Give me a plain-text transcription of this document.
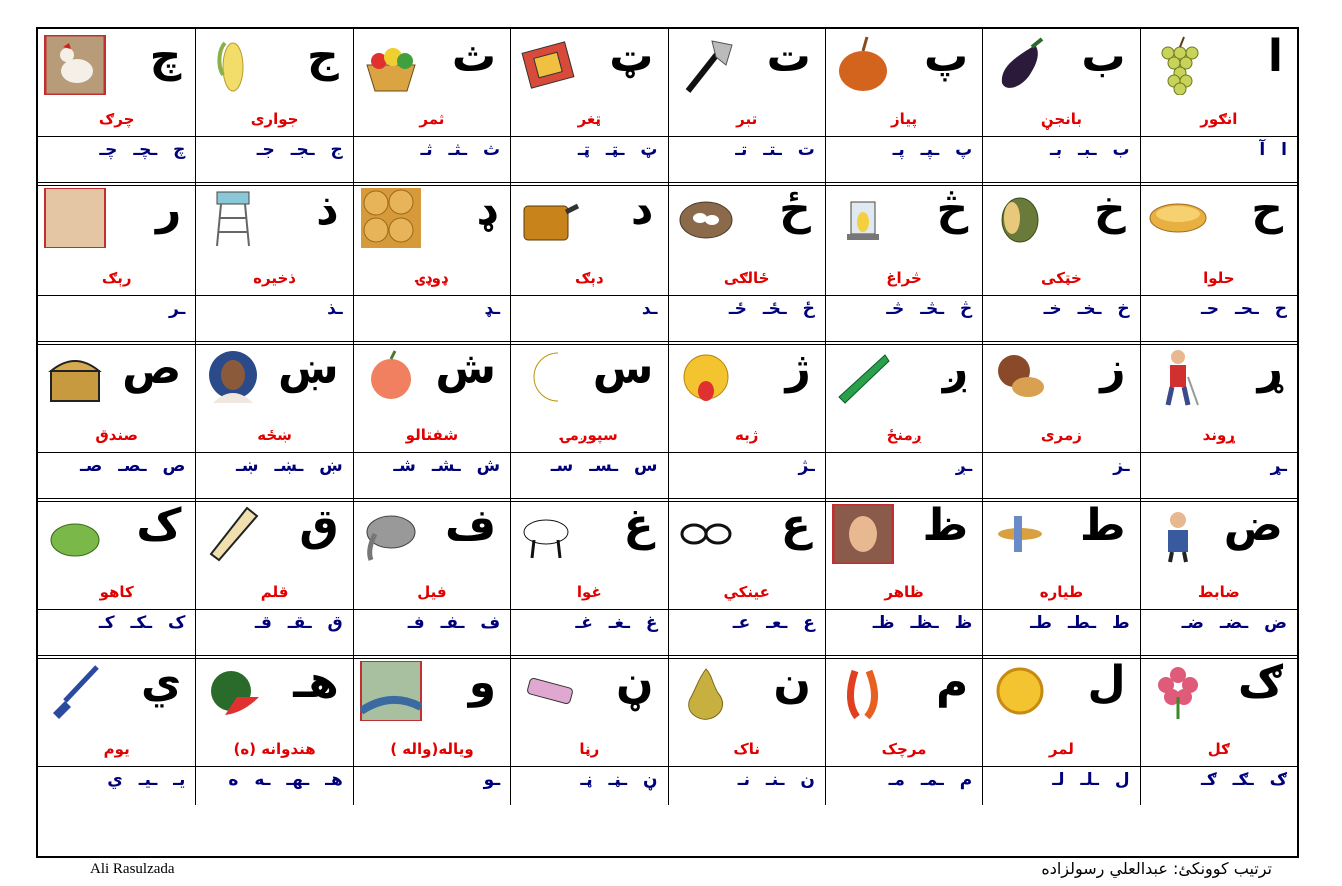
ا
انګور
ب
بانجڼ
پ
پیاز
ت
تبر
ټ
ټغر
ث
ثمر
ج
جواری
چ
چرګ
ا آ
ب ـبـ بـ
پ ـپـ پـ
ت ـتـ تـ
ټ ـټـ ټـ
ث ـثـ ثـ
ج ـجـ جـ
چ ـچـ چـ
ح
حلوا
خ
خټکی
څ
څراغ
ځ
ځالګی
د
دېګ
ډ
ډوډۍ
ذ
ذخیره
ر
رېګ
ح ـحـ حـ
خ ـخـ خـ
څ ـڅـ څـ
ځ ـځـ ځـ
ـد
ـډ
ـذ
ـر
ړ
ړوند
ز
زمری
ږ
ږمنځ
ژ
ژبه
س
سپوږمۍ
ش
شفتالو
ښ
ښځه
ص
صندق
ـړ
ـز
ـږ
ـژ
س ـسـ سـ
ش ـشـ شـ
ښ ـښـ ښـ
ص ـصـ صـ
ض
ضابط
ط
طیاره
ظ
ظاهر
ع
عینکي
غ
غوا
ف
فیل
ق
قلم
ک
کاهو
ض ـضـ ضـ
ط ـطـ طـ
ظ ـظـ ظـ
ع ـعـ عـ
غ ـغـ غـ
ف ـفـ فـ
ق ـقـ قـ
ک ـکـ کـ
ګ
ګل
ل
لمر
م
مرچک
ن
ناک
ڼ
رڼا
و
ویاله(واله )
هـ
هندوانه (ه)
ي
یوم
ګ ـګـ ګـ
ل ـلـ لـ
م ـمـ مـ
ن ـنـ نـ
ڼ ـڼـ ڼـ
ـو
هـ ـهـ ـه ه
يـ ـيـ ي
Ali Rasulzada	ترتیب کوونکئ: عبدالعلي رسولزاده
